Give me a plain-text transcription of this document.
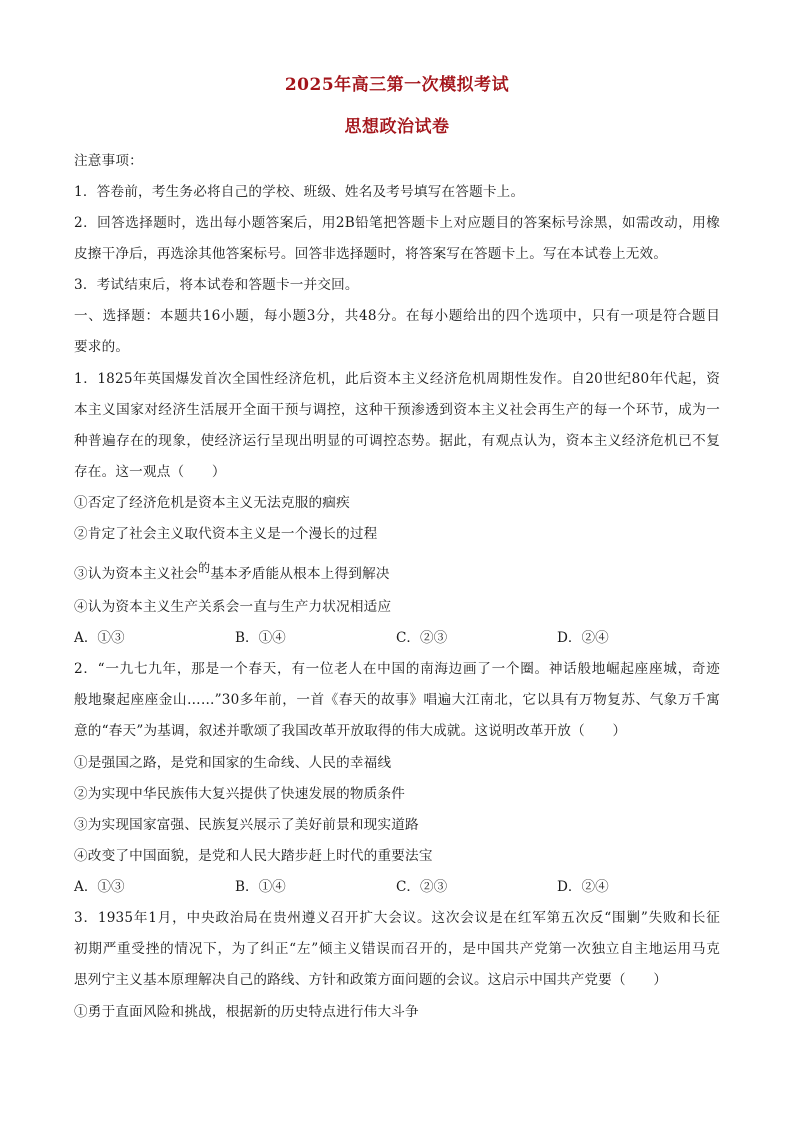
2025年高三第一次模拟考试
思想政治试卷
注意事项：
1．答卷前，考生务必将自己的学校、班级、姓名及考号填写在答题卡上。
2．回答选择题时，选出每小题答案后，用2B铅笔把答题卡上对应题目的答案标号涂黑，如需改动，用橡
皮擦干净后，再选涂其他答案标号。回答非选择题时，将答案写在答题卡上。写在本试卷上无效。
3．考试结束后，将本试卷和答题卡一并交回。
一、选择题：本题共16小题，每小题3分，共48分。在每小题给出的四个选项中，只有一项是符合题目
要求的。
1．1825年英国爆发首次全国性经济危机，此后资本主义经济危机周期性发作。自20世纪80年代起，资
本主义国家对经济生活展开全面干预与调控，这种干预渗透到资本主义社会再生产的每一个环节，成为一
种普遍存在的现象，使经济运行呈现出明显的可调控态势。据此，有观点认为，资本主义经济危机已不复
存在。这一观点（　　）
①否定了经济危机是资本主义无法克服的痼疾
②肯定了社会主义取代资本主义是一个漫长的过程
③认为资本主义社会的基本矛盾能从根本上得到解决
④认为资本主义生产关系会一直与生产力状况相适应
A．①③	B．①④	C．②③	D．②④
2．“一九七九年，那是一个春天，有一位老人在中国的南海边画了一个圈。神话般地崛起座座城，奇迹
般地聚起座座金山……”30多年前，一首《春天的故事》唱遍大江南北，它以具有万物复苏、气象万千寓
意的“春天”为基调，叙述并歌颂了我国改革开放取得的伟大成就。这说明改革开放（　　）
①是强国之路，是党和国家的生命线、人民的幸福线
②为实现中华民族伟大复兴提供了快速发展的物质条件
③为实现国家富强、民族复兴展示了美好前景和现实道路
④改变了中国面貌，是党和人民大踏步赶上时代的重要法宝
A．①③	B．①④	C．②③	D．②④
3．1935年1月，中央政治局在贵州遵义召开扩大会议。这次会议是在红军第五次反“围剿”失败和长征
初期严重受挫的情况下，为了纠正“左”倾主义错误而召开的，是中国共产党第一次独立自主地运用马克
思列宁主义基本原理解决自己的路线、方针和政策方面问题的会议。这启示中国共产党要（　　）
①勇于直面风险和挑战，根据新的历史特点进行伟大斗争
